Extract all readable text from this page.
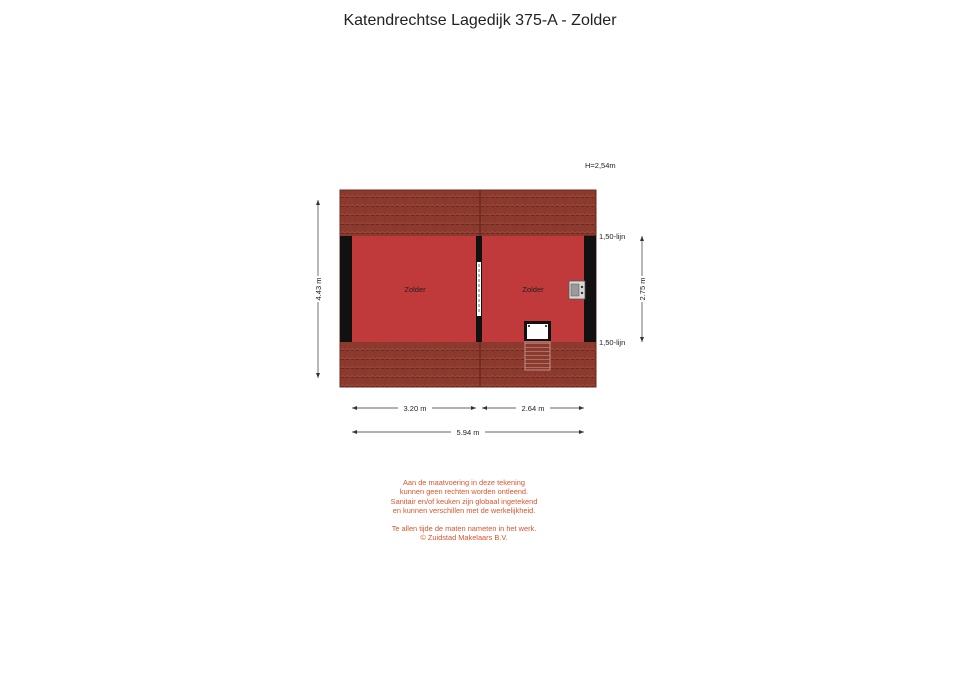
Katendrechtse Lagedijk 375-A - Zolder
Zolder	Zolder
H=2,54m
1,50-lijn
1,50-lijn
4.43 m	2.75 m
3.20 m	2.64 m
5.94 m
Aan de maatvoering in deze tekening
kunnen geen rechten worden ontleend.
Sanitair en/of keuken zijn globaal ingetekend
en kunnen verschillen met de werkelijkheid.
Te allen tijde de maten nameten in het werk.
© Zuidstad Makelaars B.V.
